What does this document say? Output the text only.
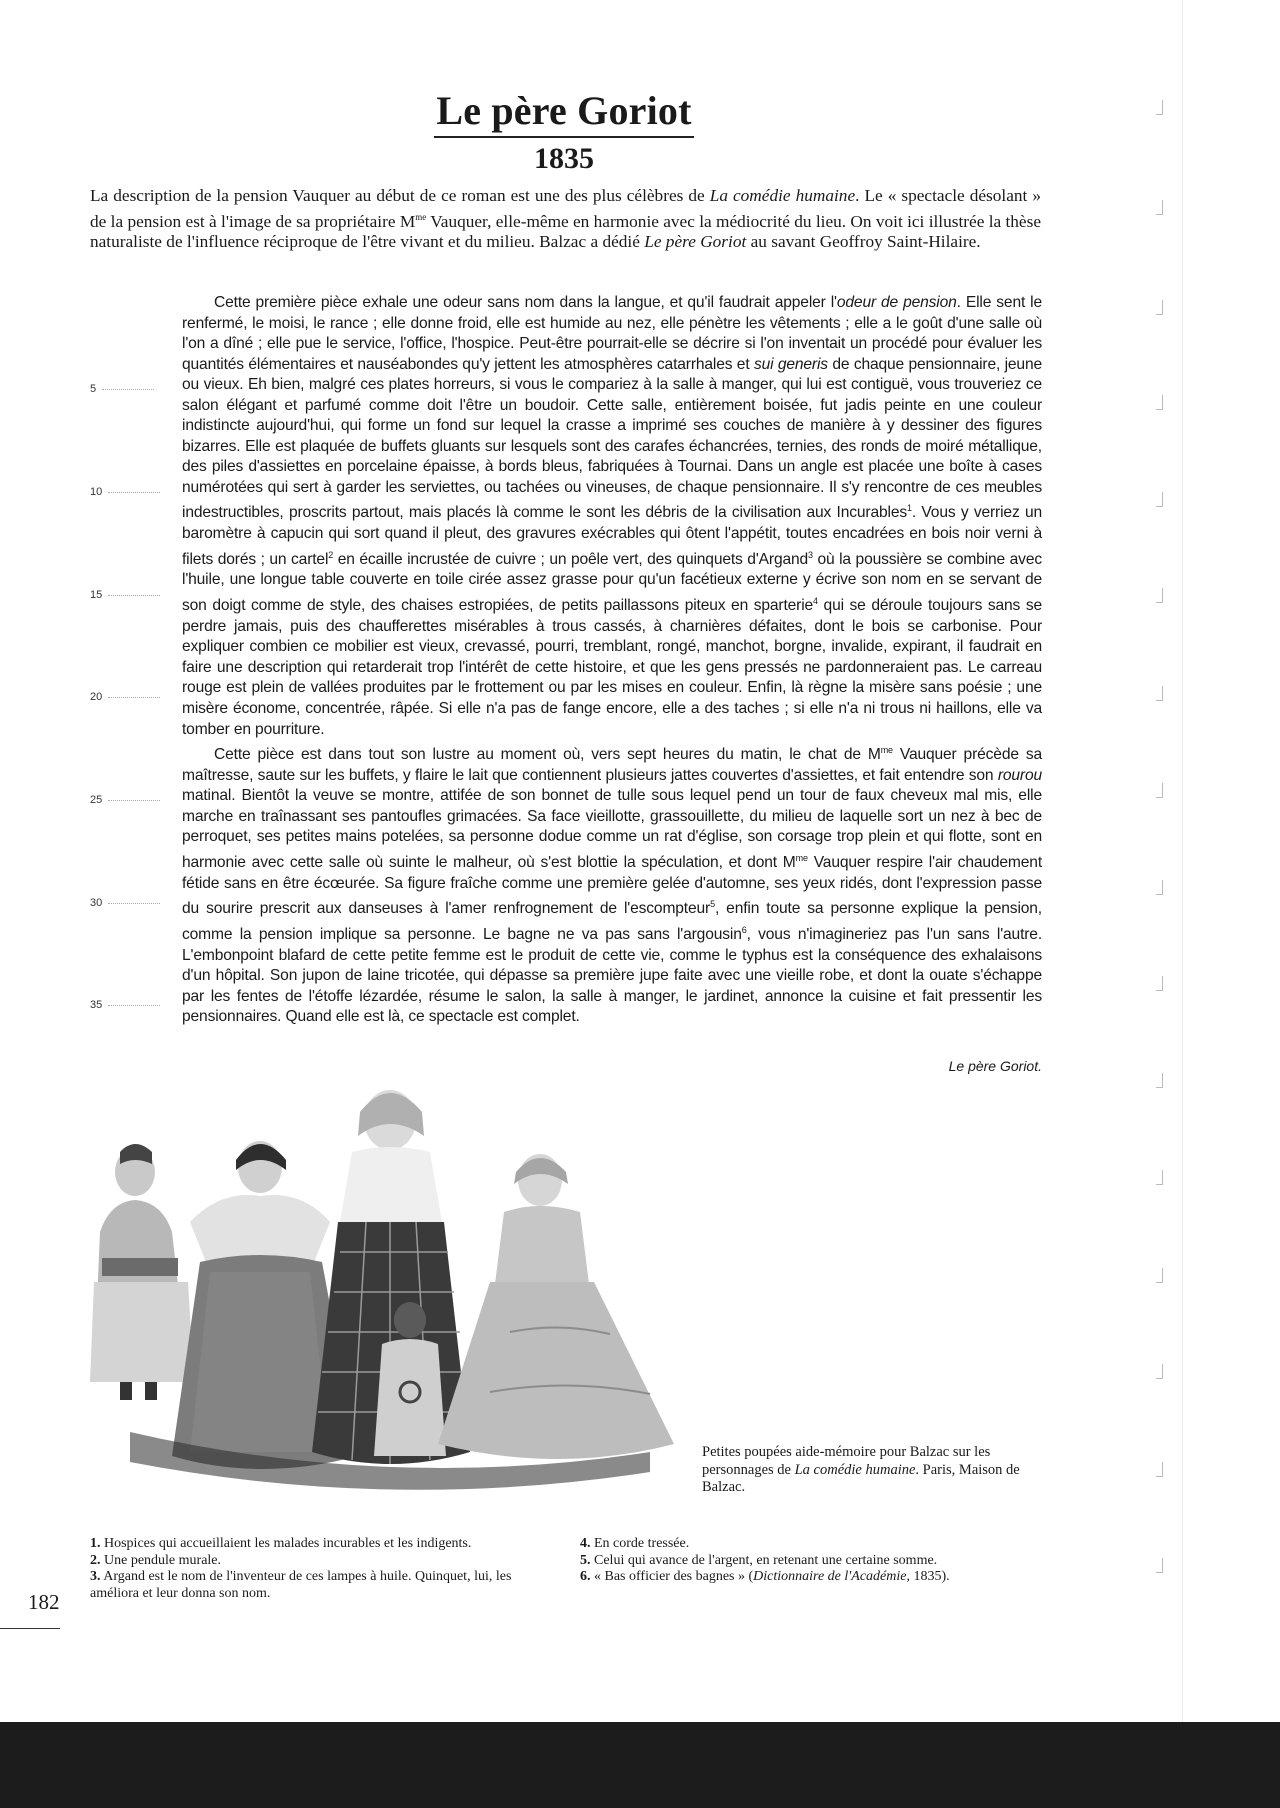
Le père Goriot
1835

La description de la pension Vauquer au début de ce roman est une des plus célèbres de La comédie humaine. Le « spectacle désolant » de la pension est à l'image de sa propriétaire $M^{me}$ Vauquer, elle-même en harmonie avec la médiocrité du lieu. On voit ici illustrée la thèse naturaliste de l'influence réciproque de l'être vivant et du milieu. Balzac a dédié Le père Goriot au savant Geoffroy Saint-Hilaire.

5
10
15
20
25
30
35

Cette première pièce exhale une odeur sans nom dans la langue, et qu'il faudrait appeler l'odeur de pension. Elle sent le renfermé, le moisi, le rance ; elle donne froid, elle est humide au nez, elle pénètre les vêtements ; elle a le goût d'une salle où l'on a dîné ; elle pue le service, l'office, l'hospice. Peut-être pourrait-elle se décrire si l'on inventait un procédé pour évaluer les quantités élémentaires et nauséabondes qu'y jettent les atmosphères catarrhales et sui generis de chaque pensionnaire, jeune ou vieux. Eh bien, malgré ces plates horreurs, si vous le compariez à la salle à manger, qui lui est contiguë, vous trouveriez ce salon élégant et parfumé comme doit l'être un boudoir. Cette salle, entièrement boisée, fut jadis peinte en une couleur indistincte aujourd'hui, qui forme un fond sur lequel la crasse a imprimé ses couches de manière à y dessiner des figures bizarres. Elle est plaquée de buffets gluants sur lesquels sont des carafes échancrées, ternies, des ronds de moiré métallique, des piles d'assiettes en porcelaine épaisse, à bords bleus, fabriquées à Tournai. Dans un angle est placée une boîte à cases numérotées qui sert à garder les serviettes, ou tachées ou vineuses, de chaque pensionnaire. Il s'y rencontre de ces meubles indestructibles, proscrits partout, mais placés là comme le sont les débris de la civilisation aux Incurables$^1$. Vous y verriez un baromètre à capucin qui sort quand il pleut, des gravures exécrables qui ôtent l'appétit, toutes encadrées en bois noir verni à filets dorés ; un cartel$^2$ en écaille incrustée de cuivre ; un poêle vert, des quinquets d'Argand$^3$ où la poussière se combine avec l'huile, une longue table couverte en toile cirée assez grasse pour qu'un facétieux externe y écrive son nom en se servant de son doigt comme de style, des chaises estropiées, de petits paillassons piteux en sparterie$^4$ qui se déroule toujours sans se perdre jamais, puis des chaufferettes misérables à trous cassés, à charnières défaites, dont le bois se carbonise. Pour expliquer combien ce mobilier est vieux, crevassé, pourri, tremblant, rongé, manchot, borgne, invalide, expirant, il faudrait en faire une description qui retarderait trop l'intérêt de cette histoire, et que les gens pressés ne pardonneraient pas. Le carreau rouge est plein de vallées produites par le frottement ou par les mises en couleur. Enfin, là règne la misère sans poésie ; une misère économe, concentrée, râpée. Si elle n'a pas de fange encore, elle a des taches ; si elle n'a ni trous ni haillons, elle va tomber en pourriture.

Cette pièce est dans tout son lustre au moment où, vers sept heures du matin, le chat de $M^{me}$ Vauquer précède sa maîtresse, saute sur les buffets, y flaire le lait que contiennent plusieurs jattes couvertes d'assiettes, et fait entendre son rourou matinal. Bientôt la veuve se montre, attifée de son bonnet de tulle sous lequel pend un tour de faux cheveux mal mis, elle marche en traînassant ses pantoufles grimacées. Sa face vieillotte, grassouillette, du milieu de laquelle sort un nez à bec de perroquet, ses petites mains potelées, sa personne dodue comme un rat d'église, son corsage trop plein et qui flotte, sont en harmonie avec cette salle où suinte le malheur, où s'est blottie la spéculation, et dont $M^{me}$ Vauquer respire l'air chaudement fétide sans en être écœurée. Sa figure fraîche comme une première gelée d'automne, ses yeux ridés, dont l'expression passe du sourire prescrit aux danseuses à l'amer renfrognement de l'escompteur$^5$, enfin toute sa personne explique la pension, comme la pension implique sa personne. Le bagne ne va pas sans l'argousin$^6$, vous n'imagineriez pas l'un sans l'autre. L'embonpoint blafard de cette petite femme est le produit de cette vie, comme le typhus est la conséquence des exhalaisons d'un hôpital. Son jupon de laine tricotée, qui dépasse sa première jupe faite avec une vieille robe, et dont la ouate s'échappe par les fentes de l'étoffe lézardée, résume le salon, la salle à manger, le jardinet, annonce la cuisine et fait pressentir les pensionnaires. Quand elle est là, ce spectacle est complet.

Le père Goriot.
Petites poupées aide-mémoire pour Balzac sur les personnages de La comédie humaine. Paris, Maison de Balzac.
1. Hospices qui accueillaient les malades incurables et les indigents.
2. Une pendule murale.
3. Argand est le nom de l'inventeur de ces lampes à huile. Quinquet, lui, les améliora et leur donna son nom.
4. En corde tressée.
5. Celui qui avance de l'argent, en retenant une certaine somme.
6. « Bas officier des bagnes » (Dictionnaire de l'Académie, 1835).
182
